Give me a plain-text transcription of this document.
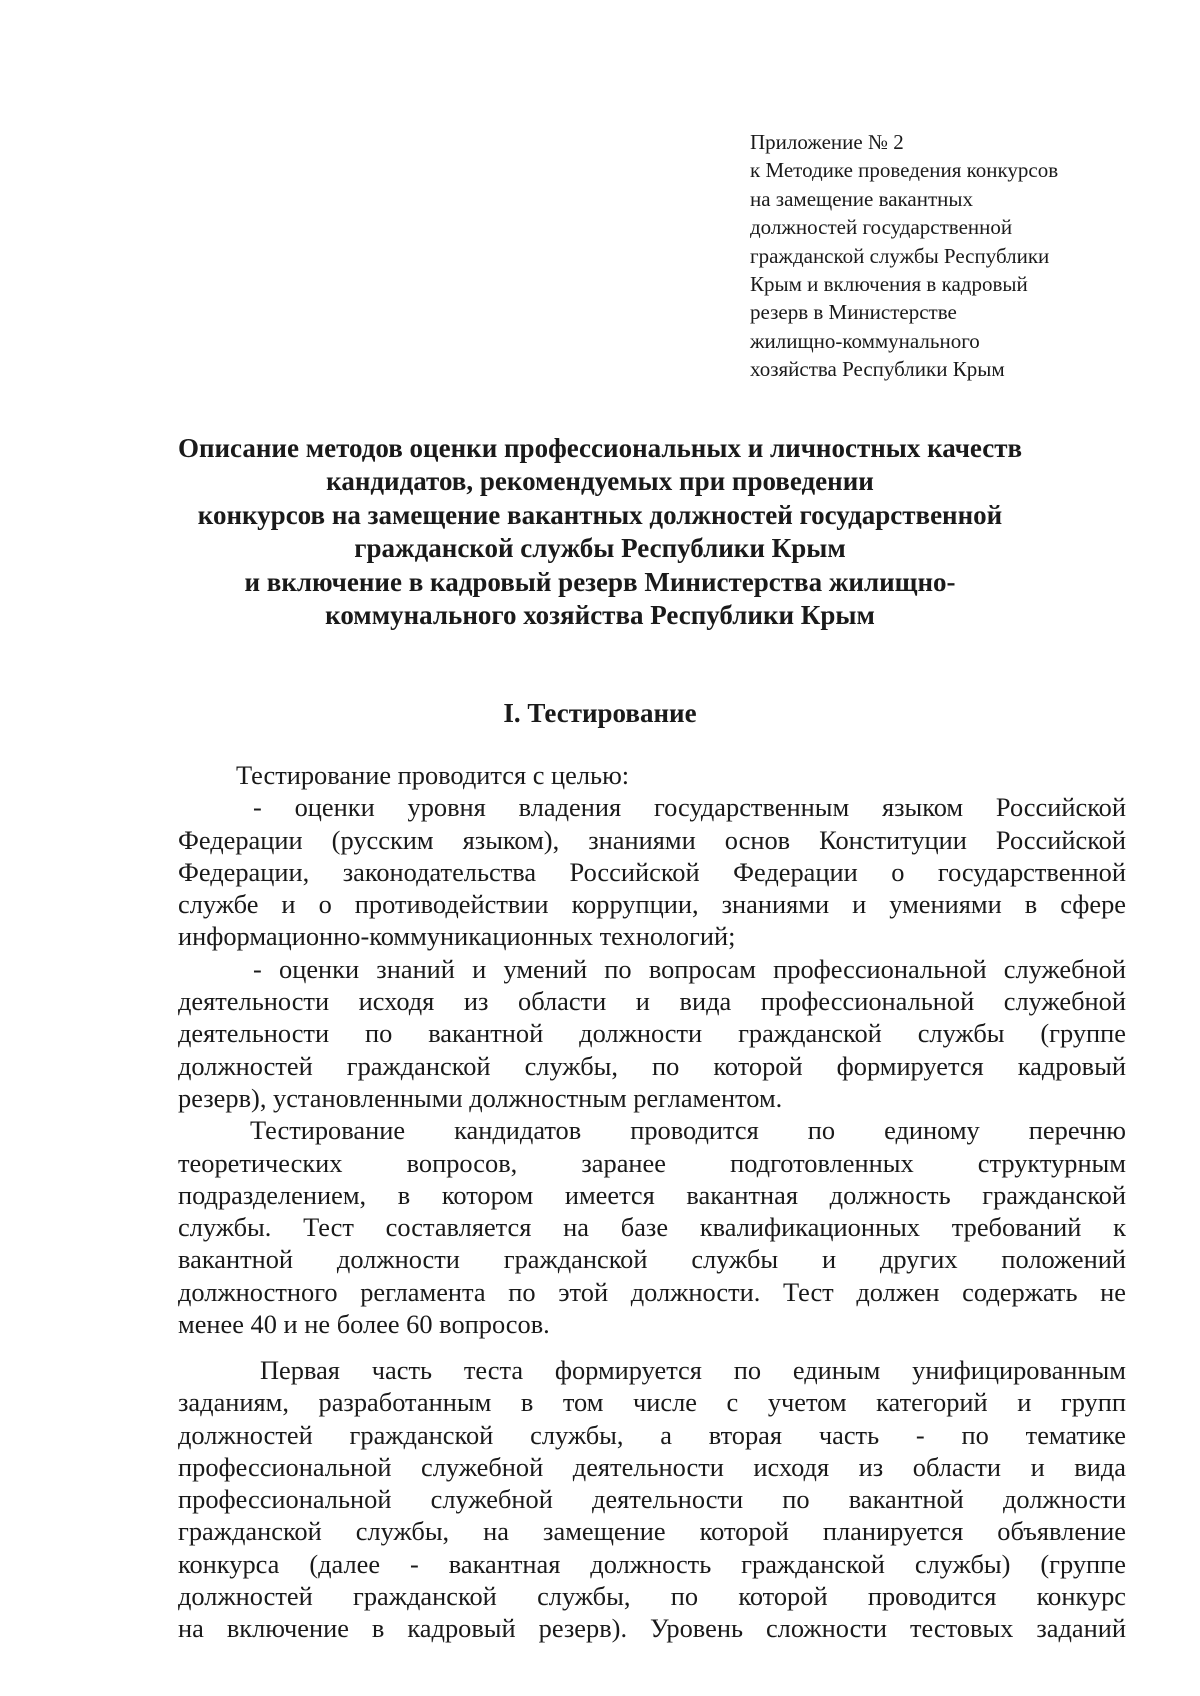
Приложение № 2
к Методике проведения конкурсов
на замещение вакантных
должностей государственной
гражданской службы Республики
Крым и включения в кадровый
резерв в Министерстве
жилищно-коммунального
хозяйства Республики Крым
Описание методов оценки профессиональных и личностных качеств
кандидатов, рекомендуемых при проведении
конкурсов на замещение вакантных должностей государственной
гражданской службы Республики Крым
и включение в кадровый резерв Министерства жилищно-
коммунального хозяйства Республики Крым
I. Тестирование
Тестирование проводится с целью:
- оценки уровня владения государственным языком Российской
Федерации (русским языком), знаниями основ Конституции Российской
Федерации, законодательства Российской Федерации о государственной
службе и о противодействии коррупции, знаниями и умениями в сфере
информационно-коммуникационных технологий;
- оценки знаний и умений по вопросам профессиональной служебной
деятельности исходя из области и вида профессиональной служебной
деятельности по вакантной должности гражданской службы (группе
должностей гражданской службы, по которой формируется кадровый
резерв), установленными должностным регламентом.
Тестирование кандидатов проводится по единому перечню
теоретических вопросов, заранее подготовленных структурным
подразделением, в котором имеется вакантная должность гражданской
службы. Тест составляется на базе квалификационных требований к
вакантной должности гражданской службы и других положений
должностного регламента по этой должности. Тест должен содержать не
менее 40 и не более 60 вопросов.
Первая часть теста формируется по единым унифицированным
заданиям, разработанным в том числе с учетом категорий и групп
должностей гражданской службы, а вторая часть - по тематике
профессиональной служебной деятельности исходя из области и вида
профессиональной служебной деятельности по вакантной должности
гражданской службы, на замещение которой планируется объявление
конкурса (далее - вакантная должность гражданской службы) (группе
должностей гражданской службы, по которой проводится конкурс
на включение в кадровый резерв). Уровень сложности тестовых заданий
